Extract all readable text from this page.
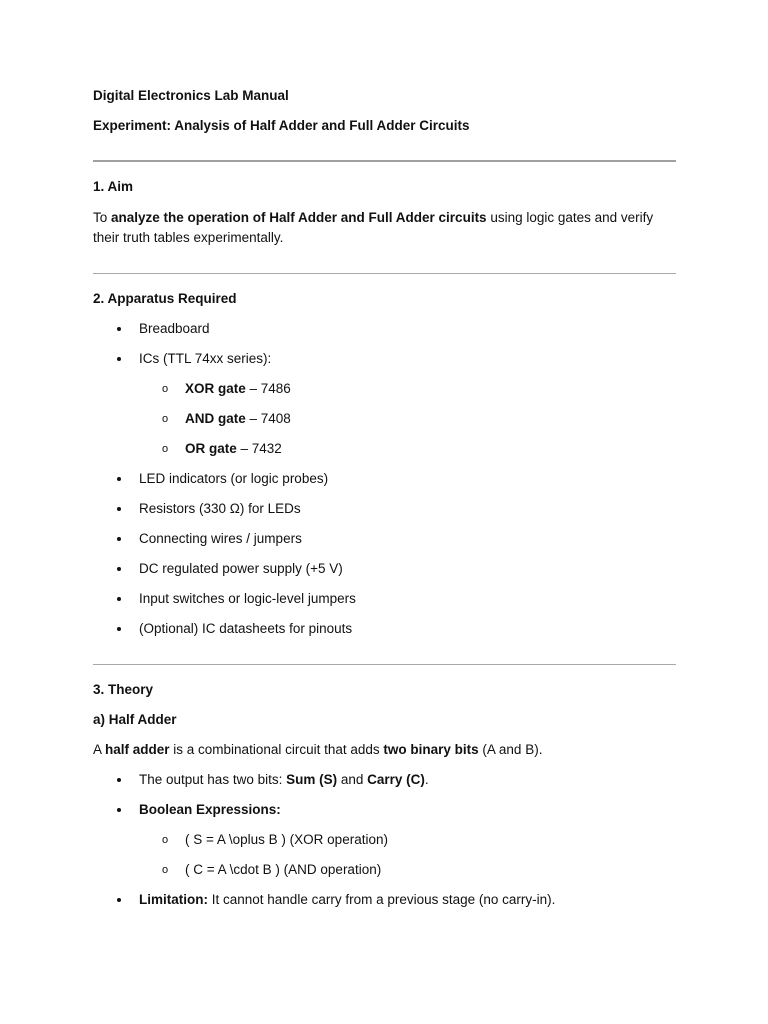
Digital Electronics Lab Manual

Experiment: Analysis of Half Adder and Full Adder Circuits

1. Aim

To analyze the operation of Half Adder and Full Adder circuits using logic gates and verify
their truth tables experimentally.

2. Apparatus Required

Breadboard
ICs (TTL 74xx series):
o XOR gate – 7486
o AND gate – 7408
o OR gate – 7432
LED indicators (or logic probes)
Resistors (330 Ω) for LEDs
Connecting wires / jumpers
DC regulated power supply (+5 V)
Input switches or logic-level jumpers
(Optional) IC datasheets for pinouts

3. Theory

a) Half Adder

A half adder is a combinational circuit that adds two binary bits (A and B).

The output has two bits: Sum (S) and Carry (C).
Boolean Expressions:
o ( S = A \oplus B ) (XOR operation)
o ( C = A \cdot B ) (AND operation)
Limitation: It cannot handle carry from a previous stage (no carry-in).
